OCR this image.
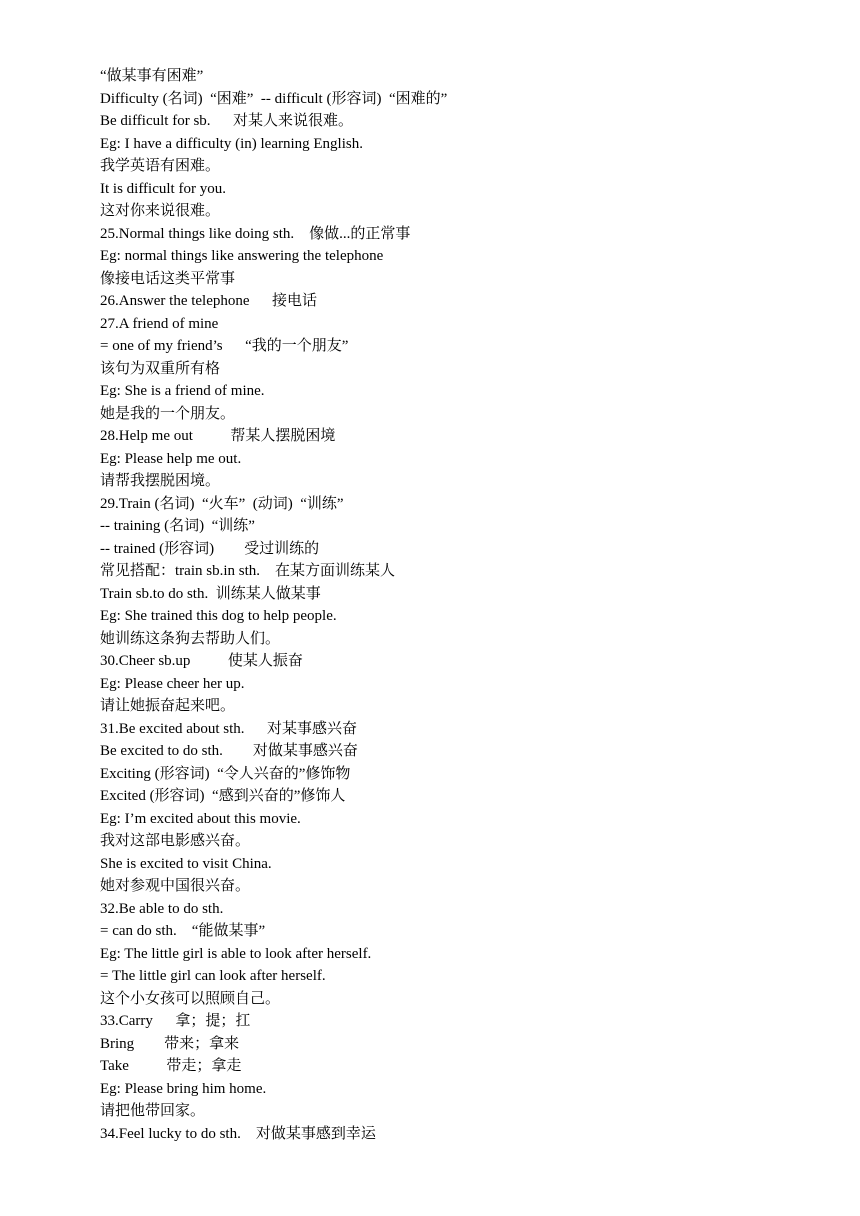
“做某事有困难”
Difficulty (名词)  “困难”  -- difficult (形容词)  “困难的”
Be difficult for sb.      对某人来说很难。
Eg: I have a difficulty (in) learning English.
我学英语有困难。
It is difficult for you.
这对你来说很难。
25.Normal things like doing sth.    像做...的正常事
Eg: normal things like answering the telephone
像接电话这类平常事
26.Answer the telephone      接电话
27.A friend of mine
= one of my friend’s      “我的一个朋友”
该句为双重所有格
Eg: She is a friend of mine.
她是我的一个朋友。
28.Help me out          帮某人摆脱困境
Eg: Please help me out.
请帮我摆脱困境。
29.Train (名词)  “火车”  (动词)  “训练”
-- training (名词)  “训练”
-- trained (形容词)        受过训练的
常见搭配：train sb.in sth.    在某方面训练某人
Train sb.to do sth.  训练某人做某事
Eg: She trained this dog to help people.
她训练这条狗去帮助人们。
30.Cheer sb.up          使某人振奋
Eg: Please cheer her up.
请让她振奋起来吧。
31.Be excited about sth.      对某事感兴奋
Be excited to do sth.        对做某事感兴奋
Exciting (形容词)  “令人兴奋的”修饰物
Excited (形容词)  “感到兴奋的”修饰人
Eg: I’m excited about this movie.
我对这部电影感兴奋。
She is excited to visit China.
她对参观中国很兴奋。
32.Be able to do sth.
= can do sth.    “能做某事”
Eg: The little girl is able to look after herself.
= The little girl can look after herself.
这个小女孩可以照顾自己。
33.Carry      拿；提；扛
Bring        带来；拿来
Take          带走；拿走
Eg: Please bring him home.
请把他带回家。
34.Feel lucky to do sth.    对做某事感到幸运
